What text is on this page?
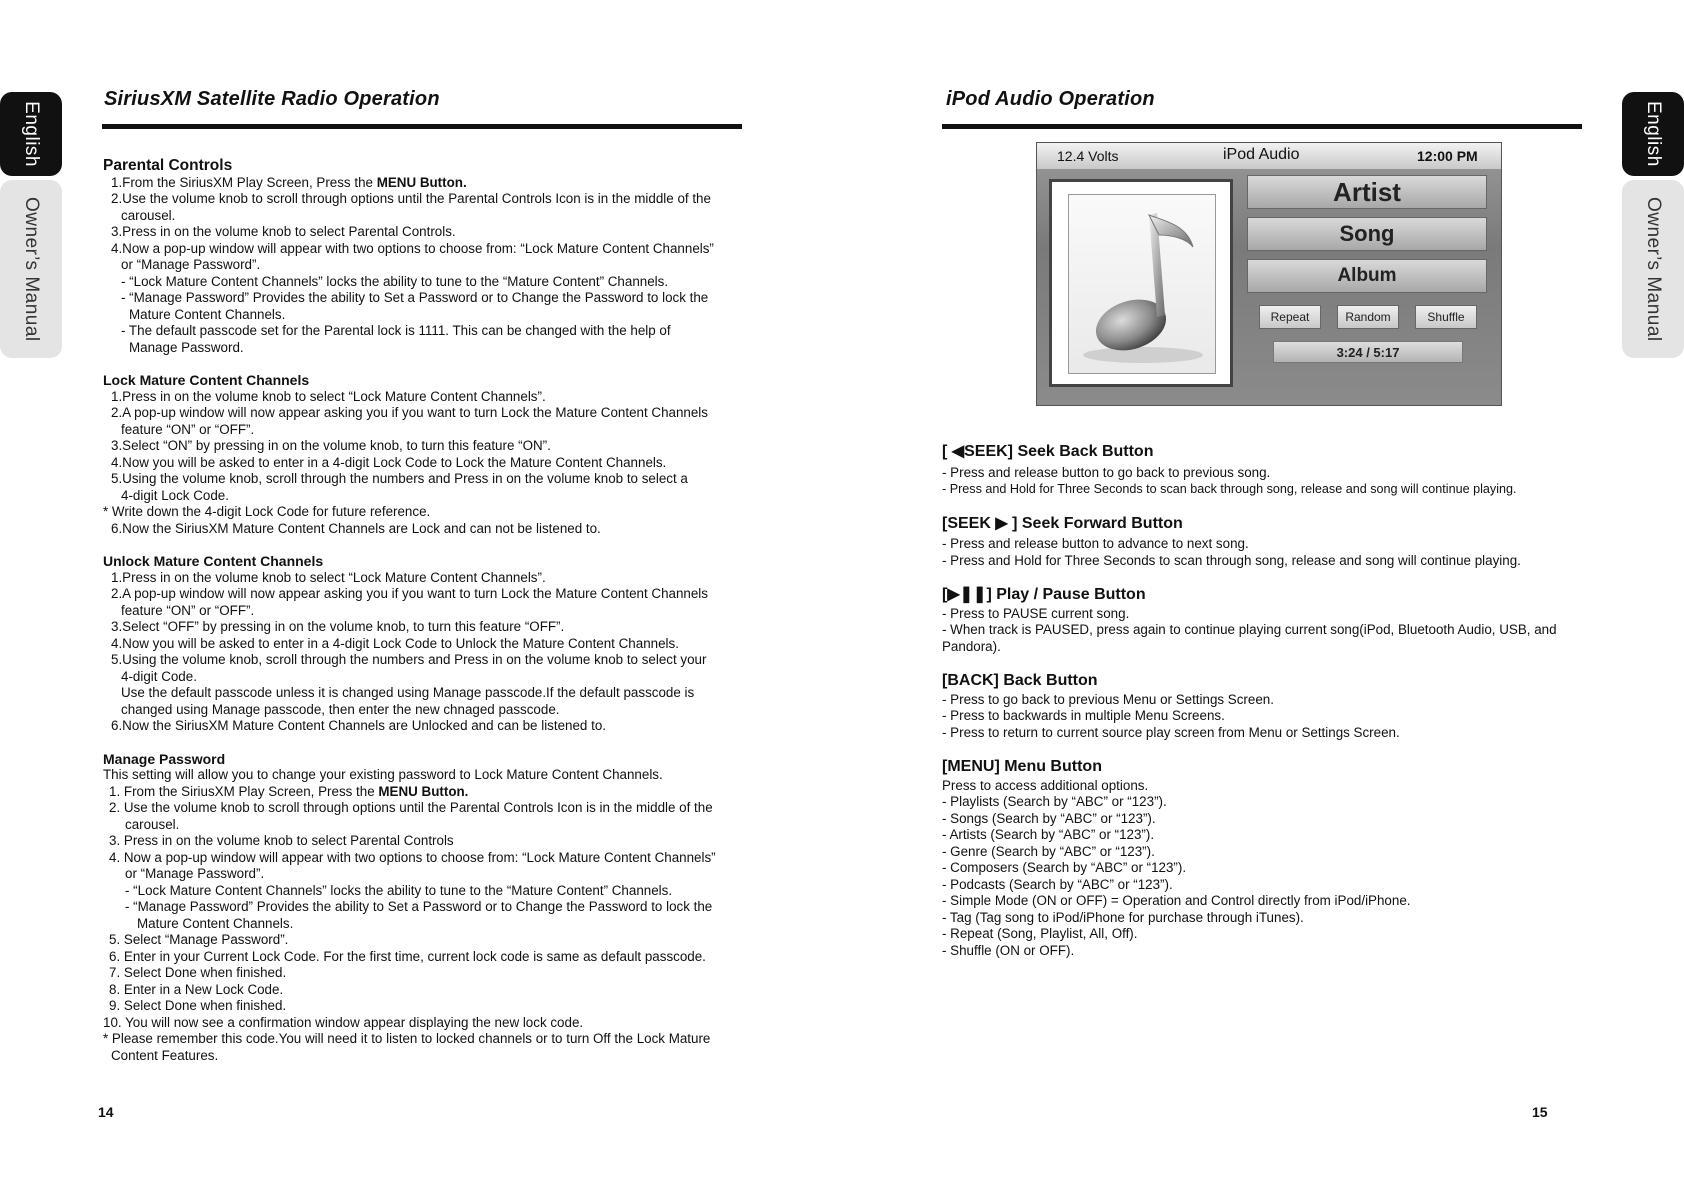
English
Owner’s Manual
English
Owner’s Manual
SiriusXM Satellite Radio Operation

Parental Controls

1.From the SiriusXM Play Screen, Press the MENU Button.

2.Use the volume knob to scroll through options until the Parental Controls Icon is in the middle of the

carousel.

3.Press in on the volume knob to select Parental Controls.

4.Now a pop-up window will appear with two options to choose from: “Lock Mature Content Channels”

or “Manage Password”.

- “Lock Mature Content Channels” locks the ability to tune to the “Mature Content” Channels.

- “Manage Password” Provides the ability to Set a Password or to Change the Password to lock the

Mature Content Channels.

- The default passcode set for the Parental lock is 1111. This can be changed with the help of

Manage Password.

Lock Mature Content Channels

1.Press in on the volume knob to select “Lock Mature Content Channels”.

2.A pop-up window will now appear asking you if you want to turn Lock the Mature Content Channels

feature “ON” or “OFF”.

3.Select “ON” by pressing in on the volume knob, to turn this feature “ON”.

4.Now you will be asked to enter in a 4-digit Lock Code to Lock the Mature Content Channels.

5.Using the volume knob, scroll through the numbers and Press in on the volume knob to select a

4-digit Lock Code.

* Write down the 4-digit Lock Code for future reference.

6.Now the SiriusXM Mature Content Channels are Lock and can not be listened to.

Unlock Mature Content Channels

1.Press in on the volume knob to select “Lock Mature Content Channels”.

2.A pop-up window will now appear asking you if you want to turn Lock the Mature Content Channels

feature “ON” or “OFF”.

3.Select “OFF” by pressing in on the volume knob, to turn this feature “OFF”.

4.Now you will be asked to enter in a 4-digit Lock Code to Unlock the Mature Content Channels.

5.Using the volume knob, scroll through the numbers and Press in on the volume knob to select your

4-digit Code.

Use the default passcode unless it is changed using Manage passcode.If the default passcode is

changed using Manage passcode, then enter the new chnaged passcode.

6.Now the SiriusXM Mature Content Channels are Unlocked and can be listened to.

Manage Password

This setting will allow you to change your existing password to Lock Mature Content Channels.

1. From the SiriusXM Play Screen, Press the MENU Button.

2. Use the volume knob to scroll through options until the Parental Controls Icon is in the middle of the

carousel.

3. Press in on the volume knob to select Parental Controls

4. Now a pop-up window will appear with two options to choose from: “Lock Mature Content Channels”

or “Manage Password”.

- “Lock Mature Content Channels” locks the ability to tune to the “Mature Content” Channels.

- “Manage Password” Provides the ability to Set a Password or to Change the Password to lock the

Mature Content Channels.

5. Select “Manage Password”.

6. Enter in your Current Lock Code. For the first time, current lock code is same as default passcode.

7. Select Done when finished.

8. Enter in a New Lock Code.

9. Select Done when finished.

10. You will now see a confirmation window appear displaying the new lock code.

* Please remember this code.You will need it to listen to locked channels or to turn Off the Lock Mature

Content Features.

14
iPod Audio Operation
12.4 Volts	iPod Audio	12:00 PM
Artist
Song
Album
Repeat	Random	Shuffle
3:24 / 5:17

[ ◀SEEK] Seek Back Button

- Press and release button to go back to previous song.

- Press and Hold for Three Seconds to scan back through song, release and song will continue playing.

[SEEK ▶ ] Seek Forward Button

- Press and release button to advance to next song.

- Press and Hold for Three Seconds to scan through song, release and song will continue playing.

[▶❚❚] Play / Pause Button

- Press to PAUSE current song.

- When track is PAUSED, press again to continue playing current song(iPod, Bluetooth Audio, USB, and

Pandora).

[BACK] Back Button

- Press to go back to previous Menu or Settings Screen.

- Press to backwards in multiple Menu Screens.

- Press to return to current source play screen from Menu or Settings Screen.

[MENU] Menu Button

Press to access additional options.

- Playlists (Search by “ABC” or “123”).

- Songs (Search by “ABC” or “123”).

- Artists (Search by “ABC” or “123”).

- Genre (Search by “ABC” or “123”).

- Composers (Search by “ABC” or “123”).

- Podcasts (Search by “ABC” or “123”).

- Simple Mode (ON or OFF) = Operation and Control directly from iPod/iPhone.

- Tag (Tag song to iPod/iPhone for purchase through iTunes).

- Repeat (Song, Playlist, All, Off).

- Shuffle (ON or OFF).

15
